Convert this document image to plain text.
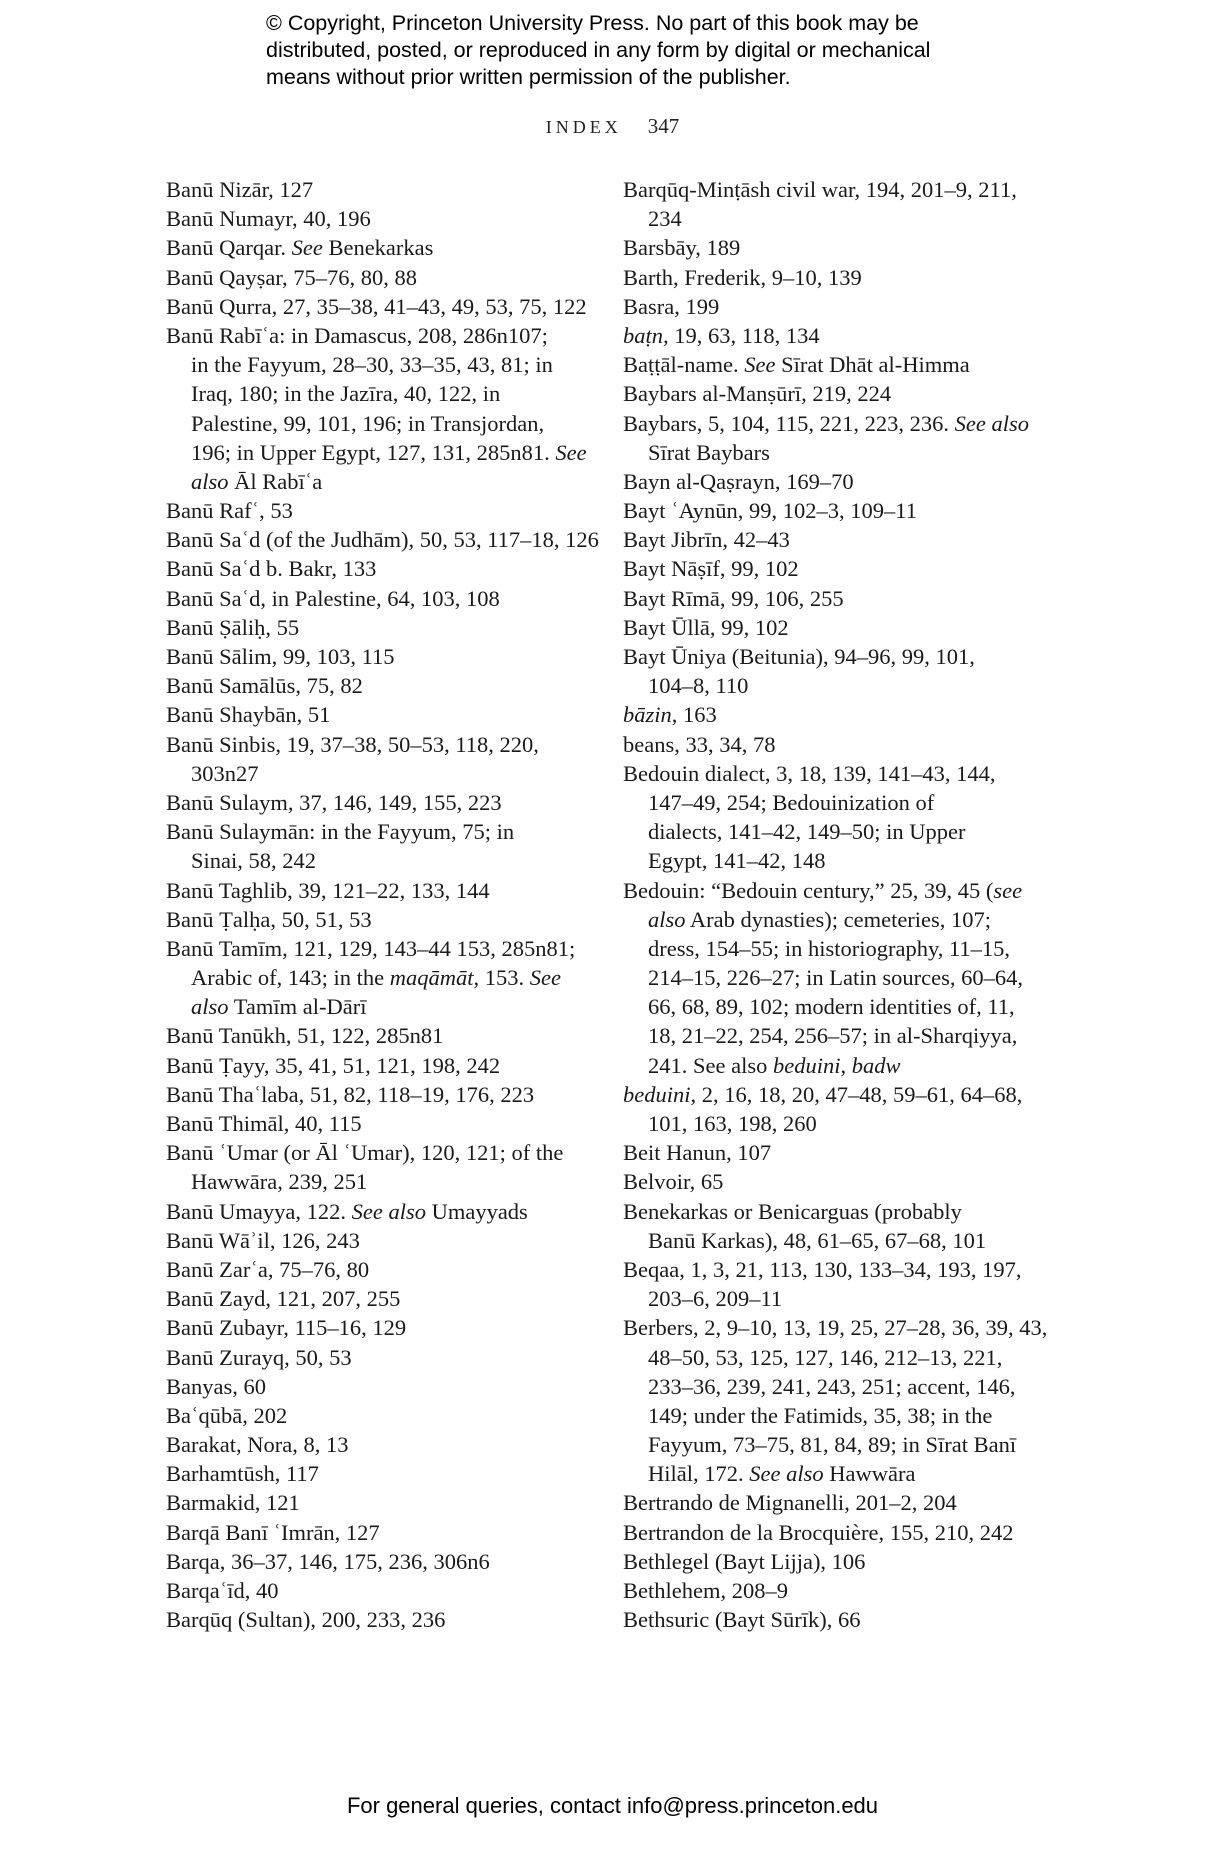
© Copyright, Princeton University Press. No part of this book may be
distributed, posted, or reproduced in any form by digital or mechanical
means without prior written permission of the publisher.
INDEX 347
Banū Nizār, 127
Banū Numayr, 40, 196
Banū Qarqar. See Benekarkas
Banū Qayṣar, 75–76, 80, 88
Banū Qurra, 27, 35–38, 41–43, 49, 53, 75, 122
Banū Rabīʿa: in Damascus, 208, 286n107;
in the Fayyum, 28–30, 33–35, 43, 81; in
Iraq, 180; in the Jazīra, 40, 122, in
Palestine, 99, 101, 196; in Transjordan,
196; in Upper Egypt, 127, 131, 285n81. See
also Āl Rabīʿa
Banū Rafʿ, 53
Banū Saʿd (of the Judhām), 50, 53, 117–18, 126
Banū Saʿd b. Bakr, 133
Banū Saʿd, in Palestine, 64, 103, 108
Banū Ṣāliḥ, 55
Banū Sālim, 99, 103, 115
Banū Samālūs, 75, 82
Banū Shaybān, 51
Banū Sinbis, 19, 37–38, 50–53, 118, 220,
303n27
Banū Sulaym, 37, 146, 149, 155, 223
Banū Sulaymān: in the Fayyum, 75; in
Sinai, 58, 242
Banū Taghlib, 39, 121–22, 133, 144
Banū Ṭalḥa, 50, 51, 53
Banū Tamīm, 121, 129, 143–44 153, 285n81;
Arabic of, 143; in the maqāmāt, 153. See
also Tamīm al-Dārī
Banū Tanūkh, 51, 122, 285n81
Banū Ṭayy, 35, 41, 51, 121, 198, 242
Banū Thaʿlaba, 51, 82, 118–19, 176, 223
Banū Thimāl, 40, 115
Banū ʿUmar (or Āl ʿUmar), 120, 121; of the
Hawwāra, 239, 251
Banū Umayya, 122. See also Umayyads
Banū Wāʾil, 126, 243
Banū Zarʿa, 75–76, 80
Banū Zayd, 121, 207, 255
Banū Zubayr, 115–16, 129
Banū Zurayq, 50, 53
Banyas, 60
Baʿqūbā, 202
Barakat, Nora, 8, 13
Barhamtūsh, 117
Barmakid, 121
Barqā Banī ʿImrān, 127
Barqa, 36–37, 146, 175, 236, 306n6
Barqaʿīd, 40
Barqūq (Sultan), 200, 233, 236
Barqūq-Minṭāsh civil war, 194, 201–9, 211,
234
Barsbāy, 189
Barth, Frederik, 9–10, 139
Basra, 199
baṭn, 19, 63, 118, 134
Baṭṭāl-name. See Sīrat Dhāt al-Himma
Baybars al-Manṣūrī, 219, 224
Baybars, 5, 104, 115, 221, 223, 236. See also
Sīrat Baybars
Bayn al-Qaṣrayn, 169–70
Bayt ʿAynūn, 99, 102–3, 109–11
Bayt Jibrīn, 42–43
Bayt Nāṣīf, 99, 102
Bayt Rīmā, 99, 106, 255
Bayt Ūllā, 99, 102
Bayt Ūniya (Beitunia), 94–96, 99, 101,
104–8, 110
bāzin, 163
beans, 33, 34, 78
Bedouin dialect, 3, 18, 139, 141–43, 144,
147–49, 254; Bedouinization of
dialects, 141–42, 149–50; in Upper
Egypt, 141–42, 148
Bedouin: “Bedouin century,” 25, 39, 45 (see
also Arab dynasties); cemeteries, 107;
dress, 154–55; in historiography, 11–15,
214–15, 226–27; in Latin sources, 60–64,
66, 68, 89, 102; modern identities of, 11,
18, 21–22, 254, 256–57; in al-Sharqiyya,
241. See also beduini, badw
beduini, 2, 16, 18, 20, 47–48, 59–61, 64–68,
101, 163, 198, 260
Beit Hanun, 107
Belvoir, 65
Benekarkas or Benicarguas (probably
Banū Karkas), 48, 61–65, 67–68, 101
Beqaa, 1, 3, 21, 113, 130, 133–34, 193, 197,
203–6, 209–11
Berbers, 2, 9–10, 13, 19, 25, 27–28, 36, 39, 43,
48–50, 53, 125, 127, 146, 212–13, 221,
233–36, 239, 241, 243, 251; accent, 146,
149; under the Fatimids, 35, 38; in the
Fayyum, 73–75, 81, 84, 89; in Sīrat Banī
Hilāl, 172. See also Hawwāra
Bertrando de Mignanelli, 201–2, 204
Bertrandon de la Brocquière, 155, 210, 242
Bethlegel (Bayt Lijja), 106
Bethlehem, 208–9
Bethsuric (Bayt Sūrīk), 66
For general queries, contact info@press.princeton.edu
